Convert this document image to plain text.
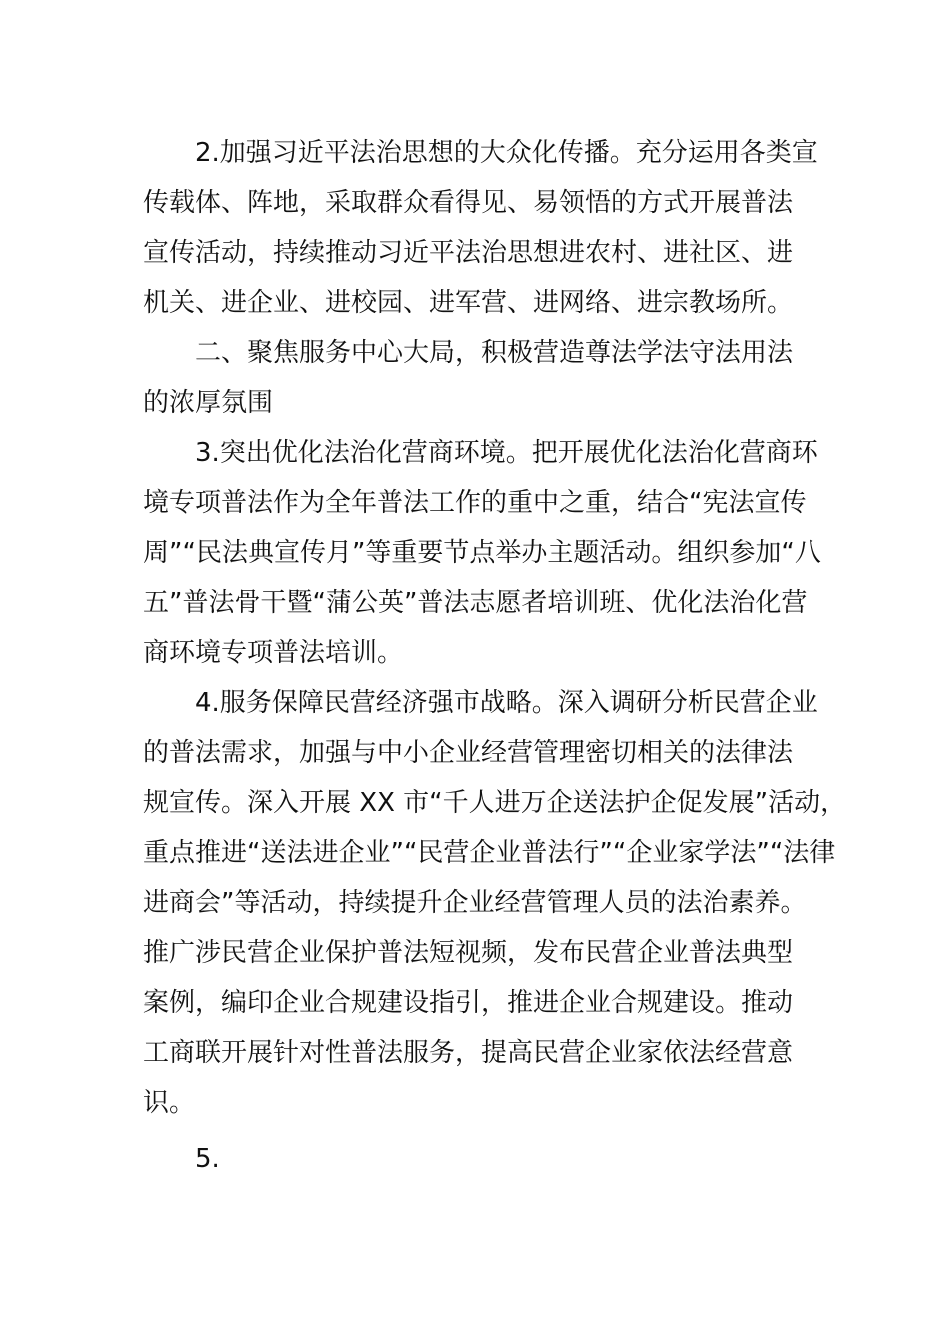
2.加强习近平法治思想的大众化传播。充分运用各类宣
传载体、阵地，采取群众看得见、易领悟的方式开展普法
宣传活动，持续推动习近平法治思想进农村、进社区、进
机关、进企业、进校园、进军营、进网络、进宗教场所。
二、聚焦服务中心大局，积极营造尊法学法守法用法
的浓厚氛围
3.突出优化法治化营商环境。把开展优化法治化营商环
境专项普法作为全年普法工作的重中之重，结合“宪法宣传
周”“民法典宣传月”等重要节点举办主题活动。组织参加“八
五”普法骨干暨“蒲公英”普法志愿者培训班、优化法治化营
商环境专项普法培训。
4.服务保障民营经济强市战略。深入调研分析民营企业
的普法需求，加强与中小企业经营管理密切相关的法律法
规宣传。深入开展 XX 市“千人进万企送法护企促发展”活动，
重点推进“送法进企业”“民营企业普法行”“企业家学法”“法律
进商会”等活动，持续提升企业经营管理人员的法治素养。
推广涉民营企业保护普法短视频，发布民营企业普法典型
案例，编印企业合规建设指引，推进企业合规建设。推动
工商联开展针对性普法服务，提高民营企业家依法经营意
识。
5.
